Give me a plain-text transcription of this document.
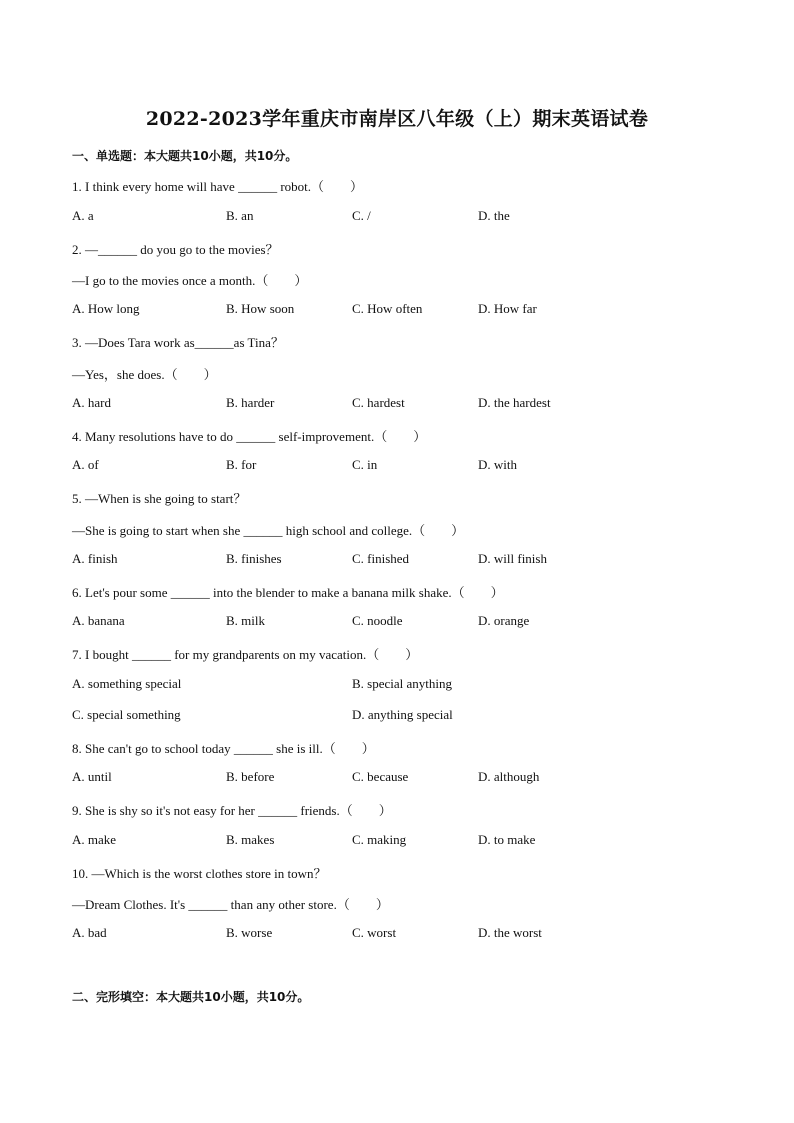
2022-2023学年重庆市南岸区八年级（上）期末英语试卷

一、单选题：本大题共10小题，共10分。

1. I think every home will have ______ robot.（　　）

A. a	B. an	C. /	D. the

2. —______ do you go to the movies？

—I go to the movies once a month.（　　）

A. How long	B. How soon	C. How often	D. How far

3. —Does Tara work as______as Tina？

—Yes，she does.（　　）

A. hard	B. harder	C. hardest	D. the hardest

4. Many resolutions have to do ______ self-improvement.（　　）

A. of	B. for	C. in	D. with

5. —When is she going to start？

—She is going to start when she ______ high school and college.（　　）

A. finish	B. finishes	C. finished	D. will finish

6. Let's pour some ______ into the blender to make a banana milk shake.（　　）

A. banana	B. milk	C. noodle	D. orange

7. I bought ______ for my grandparents on my vacation.（　　）

A. something special	B. special anything
C. special something	D. anything special

8. She can't go to school today ______ she is ill.（　　）

A. until	B. before	C. because	D. although

9. She is shy so it's not easy for her ______ friends.（　　）

A. make	B. makes	C. making	D. to make

10. —Which is the worst clothes store in town？

—Dream Clothes. It's ______ than any other store.（　　）

A. bad	B. worse	C. worst	D. the worst

二、完形填空：本大题共10小题，共10分。
